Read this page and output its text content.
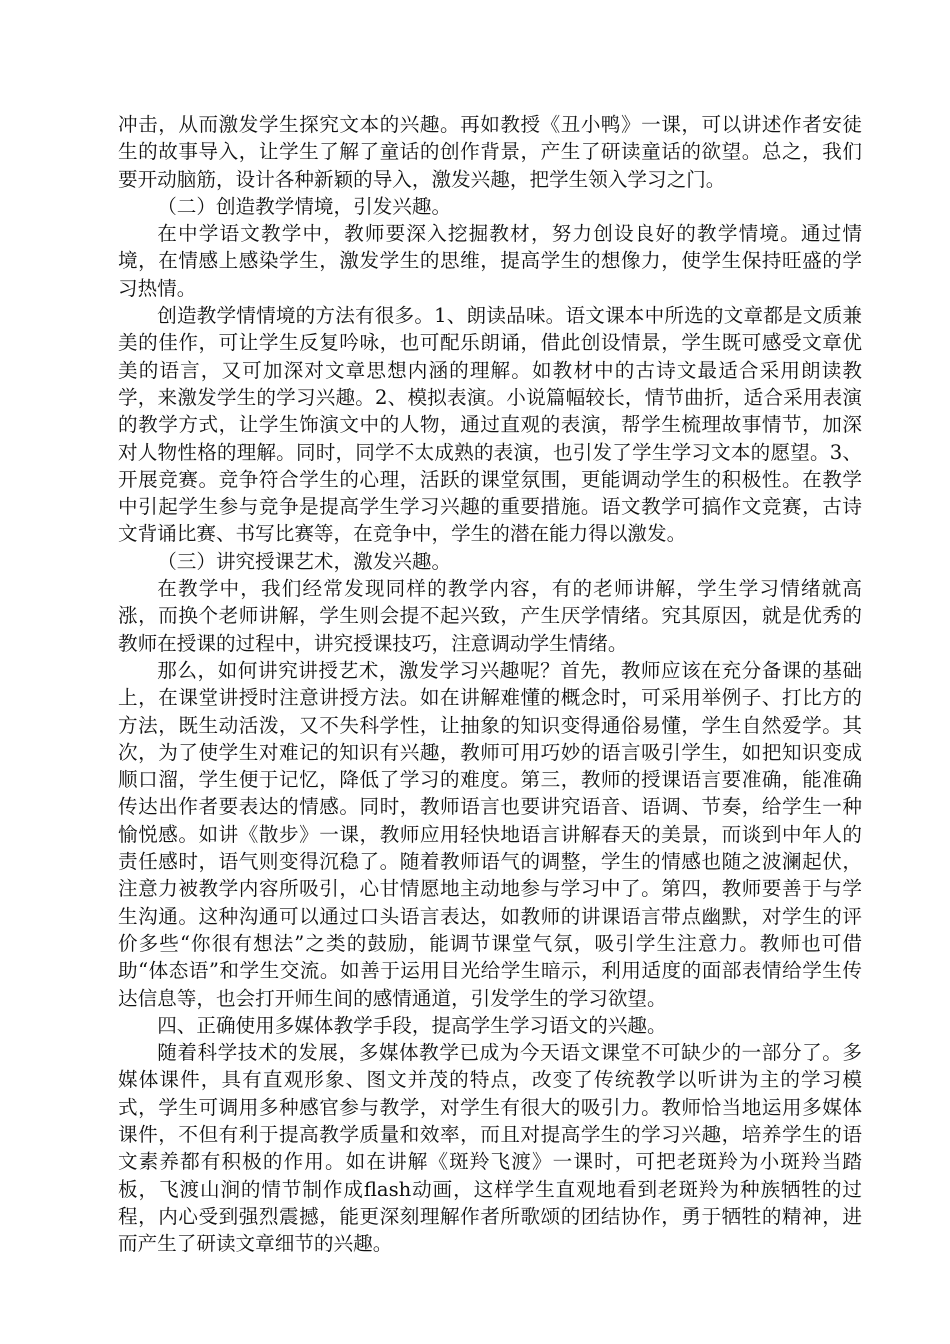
冲击，从而激发学生探究文本的兴趣。再如教授《丑小鸭》一课，可以讲述作者安徒生的故事导入，让学生了解了童话的创作背景，产生了研读童话的欲望。总之，我们要开动脑筋，设计各种新颖的导入，激发兴趣，把学生领入学习之门。

（二）创造教学情境，引发兴趣。

在中学语文教学中，教师要深入挖掘教材，努力创设良好的教学情境。通过情境，在情感上感染学生，激发学生的思维，提高学生的想像力，使学生保持旺盛的学习热情。

创造教学情情境的方法有很多。1、朗读品味。语文课本中所选的文章都是文质兼美的佳作，可让学生反复吟咏，也可配乐朗诵，借此创设情景，学生既可感受文章优美的语言，又可加深对文章思想内涵的理解。如教材中的古诗文最适合采用朗读教学，来激发学生的学习兴趣。2、模拟表演。小说篇幅较长，情节曲折，适合采用表演的教学方式，让学生饰演文中的人物，通过直观的表演，帮学生梳理故事情节，加深对人物性格的理解。同时，同学不太成熟的表演，也引发了学生学习文本的愿望。3、开展竞赛。竞争符合学生的心理，活跃的课堂氛围，更能调动学生的积极性。在教学中引起学生参与竞争是提高学生学习兴趣的重要措施。语文教学可搞作文竞赛，古诗文背诵比赛、书写比赛等，在竞争中，学生的潜在能力得以激发。

（三）讲究授课艺术，激发兴趣。

在教学中，我们经常发现同样的教学内容，有的老师讲解，学生学习情绪就高涨，而换个老师讲解，学生则会提不起兴致，产生厌学情绪。究其原因，就是优秀的教师在授课的过程中，讲究授课技巧，注意调动学生情绪。

那么，如何讲究讲授艺术，激发学习兴趣呢？首先，教师应该在充分备课的基础上，在课堂讲授时注意讲授方法。如在讲解难懂的概念时，可采用举例子、打比方的方法，既生动活泼，又不失科学性，让抽象的知识变得通俗易懂，学生自然爱学。其次，为了使学生对难记的知识有兴趣，教师可用巧妙的语言吸引学生，如把知识变成顺口溜，学生便于记忆，降低了学习的难度。第三，教师的授课语言要准确，能准确传达出作者要表达的情感。同时，教师语言也要讲究语音、语调、节奏，给学生一种愉悦感。如讲《散步》一课，教师应用轻快地语言讲解春天的美景，而谈到中年人的责任感时，语气则变得沉稳了。随着教师语气的调整，学生的情感也随之波澜起伏，注意力被教学内容所吸引，心甘情愿地主动地参与学习中了。第四，教师要善于与学生沟通。这种沟通可以通过口头语言表达，如教师的讲课语言带点幽默，对学生的评价多些“你很有想法”之类的鼓励，能调节课堂气氛，吸引学生注意力。教师也可借助“体态语”和学生交流。如善于运用目光给学生暗示，利用适度的面部表情给学生传达信息等，也会打开师生间的感情通道，引发学生的学习欲望。

四、正确使用多媒体教学手段，提高学生学习语文的兴趣。

随着科学技术的发展，多媒体教学已成为今天语文课堂不可缺少的一部分了。多媒体课件，具有直观形象、图文并茂的特点，改变了传统教学以听讲为主的学习模式，学生可调用多种感官参与教学，对学生有很大的吸引力。教师恰当地运用多媒体课件，不但有利于提高教学质量和效率，而且对提高学生的学习兴趣，培养学生的语文素养都有积极的作用。如在讲解《斑羚飞渡》一课时，可把老斑羚为小斑羚当踏板，飞渡山涧的情节制作成flash动画，这样学生直观地看到老斑羚为种族牺牲的过程，内心受到强烈震撼，能更深刻理解作者所歌颂的团结协作，勇于牺牲的精神，进而产生了研读文章细节的兴趣。
